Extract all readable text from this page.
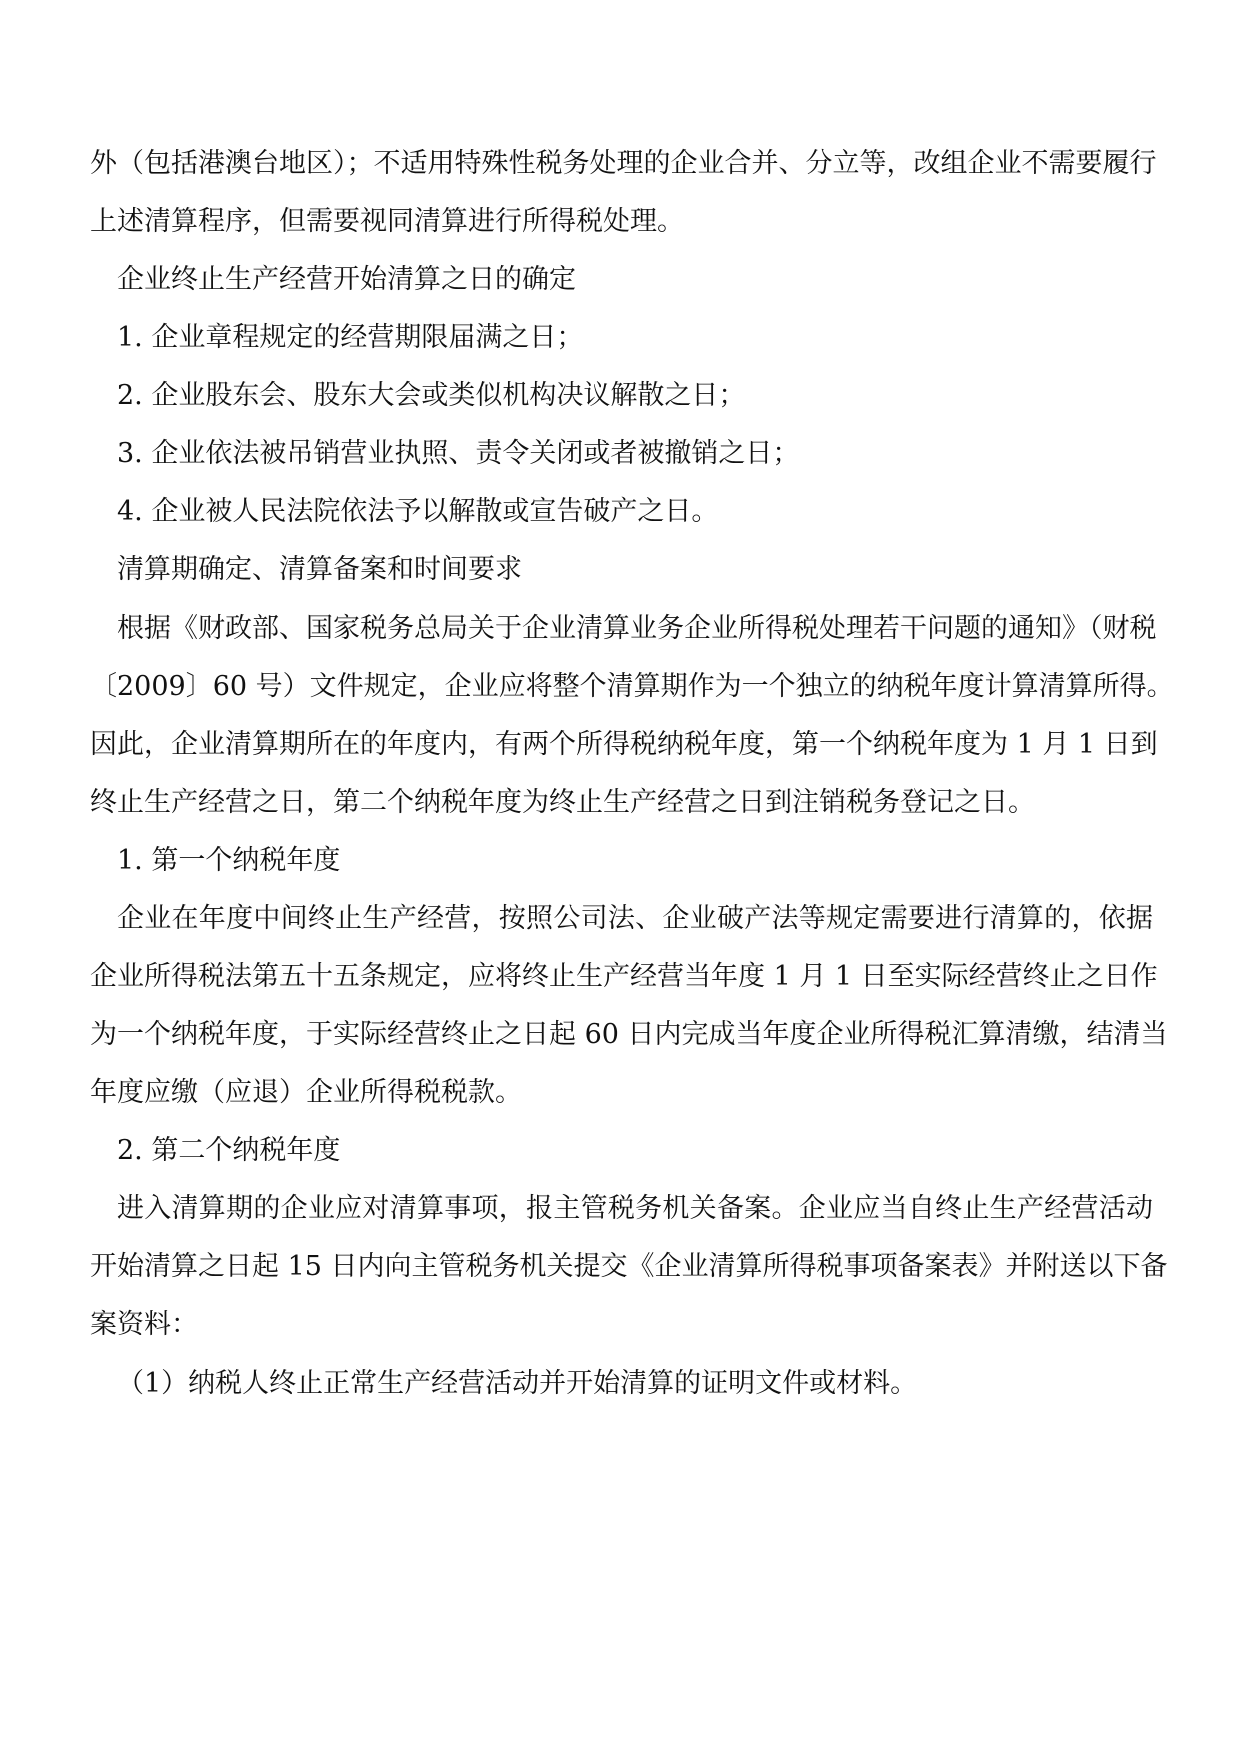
外（包括港澳台地区）；不适用特殊性税务处理的企业合并、分立等，改组企业不需要履行

上述清算程序，但需要视同清算进行所得税处理。

企业终止生产经营开始清算之日的确定

1. 企业章程规定的经营期限届满之日；

2. 企业股东会、股东大会或类似机构决议解散之日；

3. 企业依法被吊销营业执照、责令关闭或者被撤销之日；

4. 企业被人民法院依法予以解散或宣告破产之日。

清算期确定、清算备案和时间要求

根据《财政部、国家税务总局关于企业清算业务企业所得税处理若干问题的通知》（财税

〔2009〕60 号）文件规定，企业应将整个清算期作为一个独立的纳税年度计算清算所得。

因此，企业清算期所在的年度内，有两个所得税纳税年度，第一个纳税年度为 1 月 1 日到

终止生产经营之日，第二个纳税年度为终止生产经营之日到注销税务登记之日。

1. 第一个纳税年度

企业在年度中间终止生产经营，按照公司法、企业破产法等规定需要进行清算的，依据

企业所得税法第五十五条规定，应将终止生产经营当年度 1 月 1 日至实际经营终止之日作

为一个纳税年度，于实际经营终止之日起 60 日内完成当年度企业所得税汇算清缴，结清当

年度应缴（应退）企业所得税税款。

2. 第二个纳税年度

进入清算期的企业应对清算事项，报主管税务机关备案。企业应当自终止生产经营活动

开始清算之日起 15 日内向主管税务机关提交《企业清算所得税事项备案表》并附送以下备

案资料：

（1）纳税人终止正常生产经营活动并开始清算的证明文件或材料。
